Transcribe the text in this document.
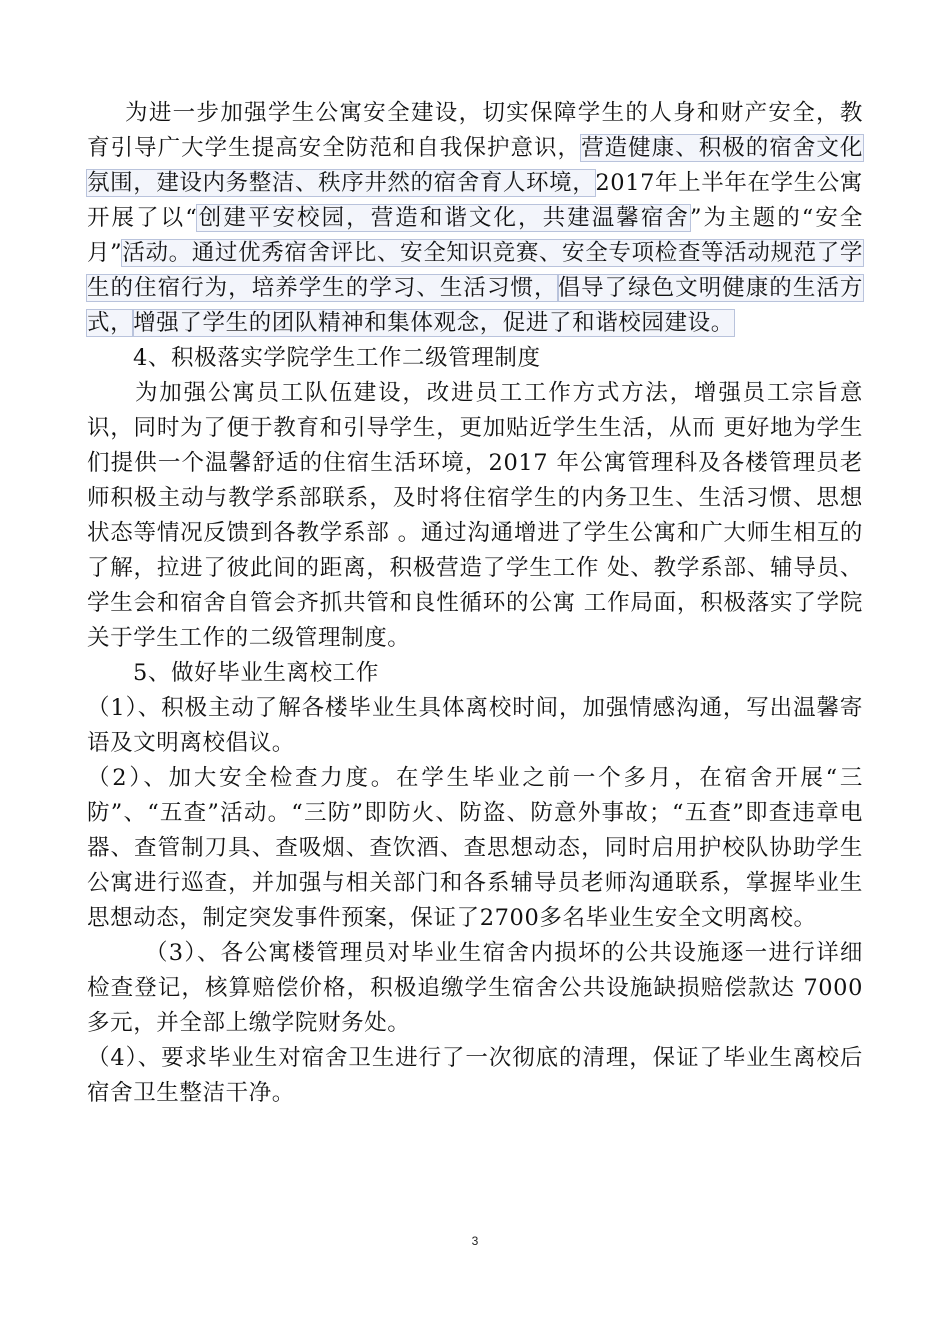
为进一步加强学生公寓安全建设，切实保障学生的人身和财产安全，教育引导广大学生提高安全防范和自我保护意识，营造健康、积极的宿舍文化氛围，建设内务整洁、秩序井然的宿舍育人环境，2017年上半年在学生公寓开展了以“创建平安校园，营造和谐文化，共建温馨宿舍”为主题的“安全月”活动。通过优秀宿舍评比、安全知识竞赛、安全专项检查等活动规范了学生的住宿行为，培养学生的学习、生活习惯，倡导了绿色文明健康的生活方式，增强了学生的团队精神和集体观念，促进了和谐校园建设。

4、积极落实学院学生工作二级管理制度

为加强公寓员工队伍建设，改进员工工作方式方法，增强员工宗旨意识，同时为了便于教育和引导学生，更加贴近学生生活，从而 更好地为学生们提供一个温馨舒适的住宿生活环境，2017 年公寓管理科及各楼管理员老师积极主动与教学系部联系，及时将住宿学生的内务卫生、生活习惯、思想状态等情况反馈到各教学系部 。通过沟通增进了学生公寓和广大师生相互的了解，拉进了彼此间的距离，积极营造了学生工作 处、教学系部、辅导员、学生会和宿舍自管会齐抓共管和良性循环的公寓 工作局面，积极落实了学院关于学生工作的二级管理制度。

5、做好毕业生离校工作

（1）、积极主动了解各楼毕业生具体离校时间，加强情感沟通，写出温馨寄语及文明离校倡议。

（2）、加大安全检查力度。在学生毕业之前一个多月，在宿舍开展“三防”、“五查”活动。“三防”即防火、防盗、防意外事故；“五查”即查违章电器、查管制刀具、查吸烟、查饮酒、查思想动态，同时启用护校队协助学生公寓进行巡查，并加强与相关部门和各系辅导员老师沟通联系，掌握毕业生思想动态，制定突发事件预案，保证了2700多名毕业生安全文明离校。

（3）、各公寓楼管理员对毕业生宿舍内损坏的公共设施逐一进行详细检查登记，核算赔偿价格，积极追缴学生宿舍公共设施缺损赔偿款达 7000多元，并全部上缴学院财务处。

（4）、要求毕业生对宿舍卫生进行了一次彻底的清理，保证了毕业生离校后宿舍卫生整洁干净。

3
